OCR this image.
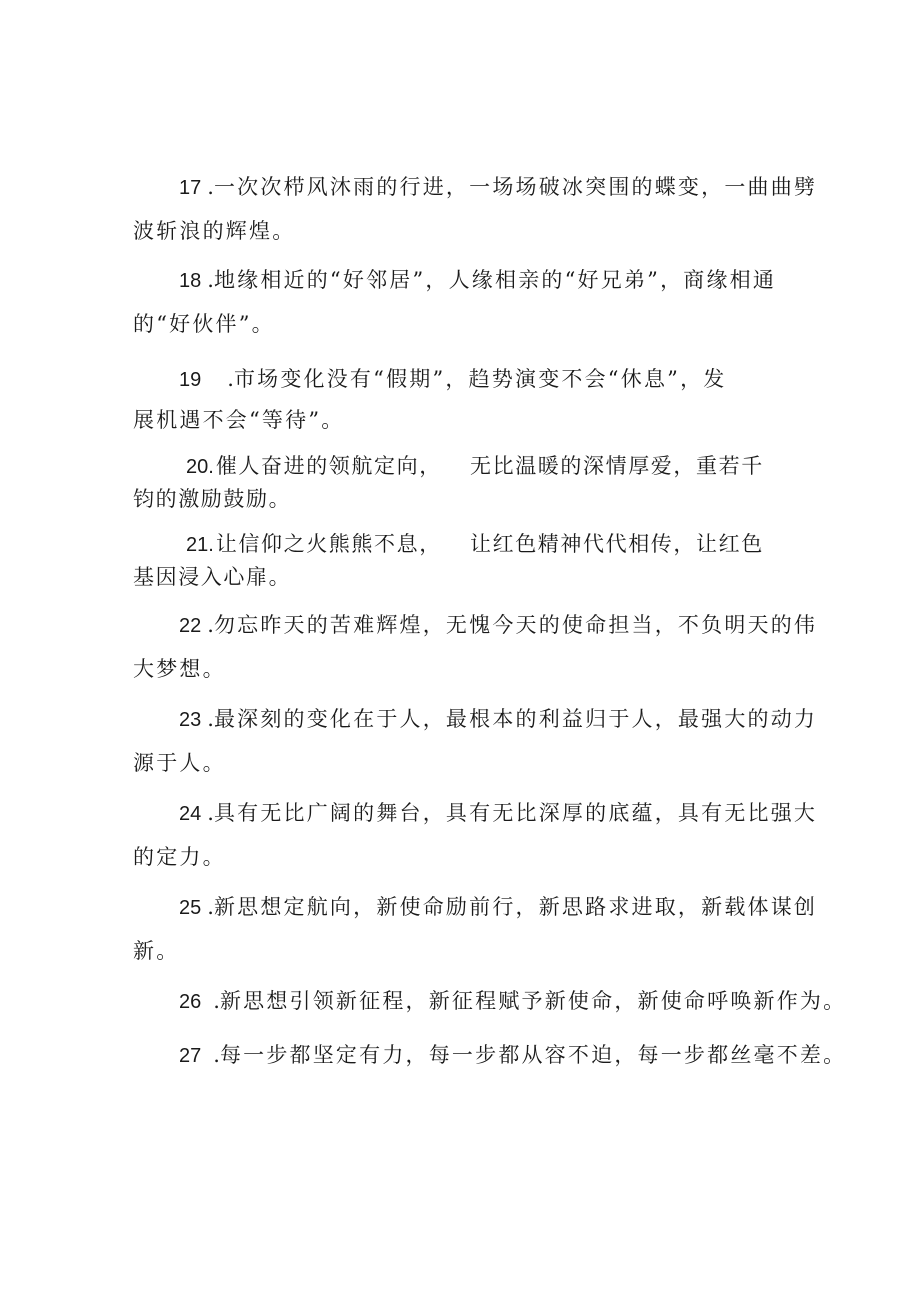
17 .一次次栉风沐雨的行进，一场场破冰突围的蝶变，一曲曲劈
波斩浪的辉煌。
18 .地缘相近的“好邻居”，人缘相亲的“好兄弟”，商缘相通
的“好伙伴”。
19 .市场变化没有“假期”，趋势演变不会“休息”，发
展机遇不会“等待”。
20.催人奋进的领航定向， 无比温暖的深情厚爱，重若千
钧的激励鼓励。
21.让信仰之火熊熊不息， 让红色精神代代相传，让红色
基因浸入心扉。
22 .勿忘昨天的苦难辉煌，无愧今天的使命担当，不负明天的伟
大梦想。
23 .最深刻的变化在于人，最根本的利益归于人，最强大的动力
源于人。
24 .具有无比广阔的舞台，具有无比深厚的底蕴，具有无比强大
的定力。
25 .新思想定航向，新使命励前行，新思路求进取，新载体谋创
新。
26 .新思想引领新征程，新征程赋予新使命，新使命呼唤新作为。
27 .每一步都坚定有力，每一步都从容不迫，每一步都丝毫不差。
